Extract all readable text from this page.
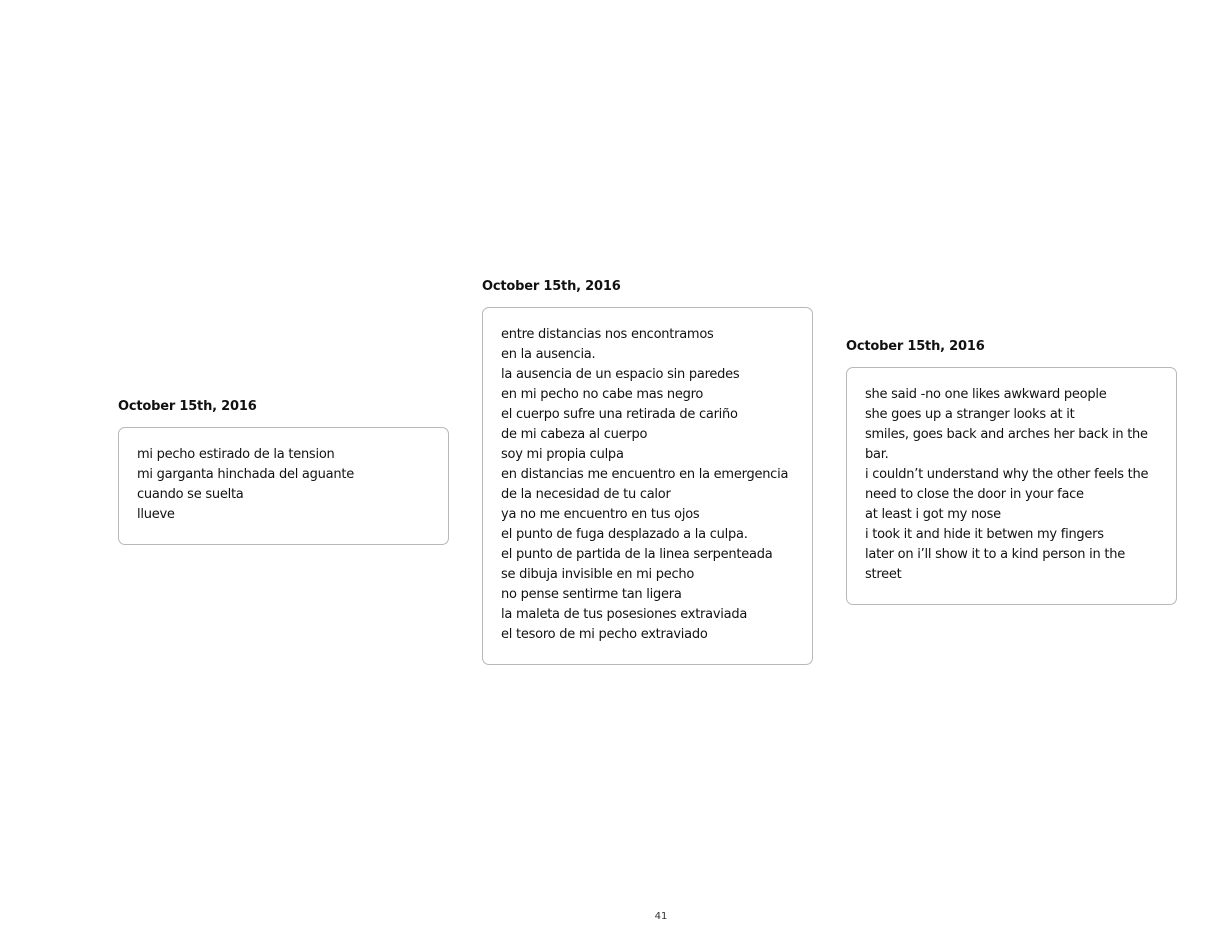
October 15th, 2016
mi pecho estirado de la tension
mi garganta hinchada del aguante
cuando se suelta
llueve
October 15th, 2016
entre distancias nos encontramos
en la ausencia.
la ausencia de un espacio sin paredes
en mi pecho no cabe mas negro
el cuerpo sufre una retirada de cariño
de mi cabeza al cuerpo
soy mi propia culpa
en distancias me encuentro en la emergencia
de la necesidad de tu calor
ya no me encuentro en tus ojos
el punto de fuga desplazado a la culpa.
el punto de partida de la linea serpenteada
se dibuja invisible en mi pecho
no pense sentirme tan ligera
la maleta de tus posesiones extraviada
el tesoro de mi pecho extraviado
October 15th, 2016
she said -no one likes awkward people
she goes up a stranger looks at it
smiles, goes back and arches her back in the bar.
i couldn’t understand why the other feels the need to close the door in your face
at least i got my nose
i took it and hide it betwen my fingers
later on i’ll show it to a kind person in the street
41
